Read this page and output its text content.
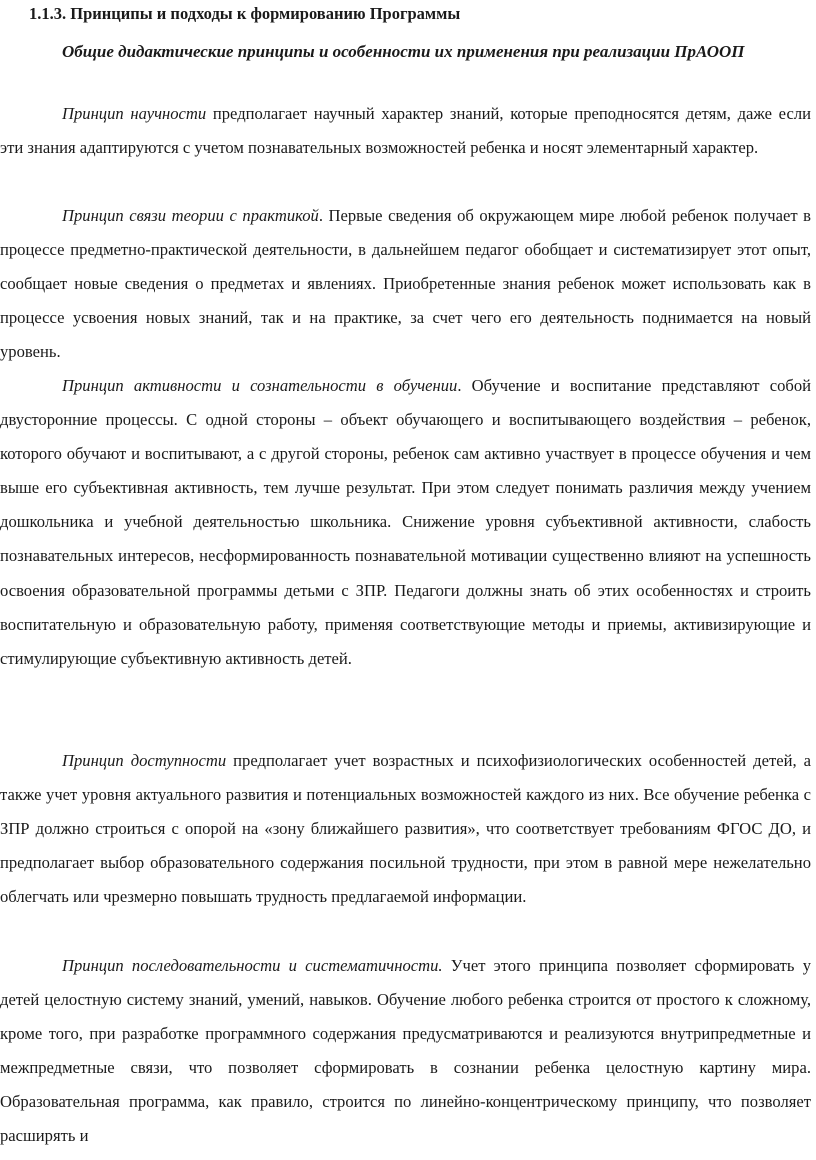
1.1.3. Принципы и подходы к формированию Программы
Общие дидактические принципы и особенности их применения при реализации ПрАООП

Принцип научности предполагает научный характер знаний, которые преподносятся детям, даже если эти знания адаптируются с учетом познавательных возможностей ребенка и носят элементарный характер.

Принцип связи теории с практикой. Первые сведения об окружающем мире любой ребенок получает в процессе предметно-практической деятельности, в дальнейшем педагог обобщает и систематизирует этот опыт, сообщает новые сведения о предметах и явлениях. Приобретенные знания ребенок может использовать как в процессе усвоения новых знаний, так и на практике, за счет чего его деятельность поднимается на новый уровень.

Принцип активности и сознательности в обучении. Обучение и воспитание представляют собой двусторонние процессы. С одной стороны – объект обучающего и воспитывающего воздействия – ребенок, которого обучают и воспитывают, а с другой стороны, ребенок сам активно участвует в процессе обучения и чем выше его субъективная активность, тем лучше результат. При этом следует понимать различия между учением дошкольника и учебной деятельностью школьника. Снижение уровня субъективной активности, слабость познавательных интересов, несформированность познавательной мотивации существенно влияют на успешность освоения образовательной программы детьми с ЗПР. Педагоги должны знать об этих особенностях и строить воспитательную и образовательную работу, применяя соответствующие методы и приемы, активизирующие и стимулирующие субъективную активность детей.

Принцип доступности предполагает учет возрастных и психофизиологических особенностей детей, а также учет уровня актуального развития и потенциальных возможностей каждого из них. Все обучение ребенка с ЗПР должно строиться с опорой на «зону ближайшего развития», что соответствует требованиям ФГОС ДО, и предполагает выбор образовательного содержания посильной трудности, при этом в равной мере нежелательно облегчать или чрезмерно повышать трудность предлагаемой информации.

Принцип последовательности и систематичности. Учет этого принципа позволяет сформировать у детей целостную систему знаний, умений, навыков. Обучение любого ребенка строится от простого к сложному, кроме того, при разработке программного содержания предусматриваются и реализуются внутрипредметные и межпредметные связи, что позволяет сформировать в сознании ребенка целостную картину мира. Образовательная программа, как правило, строится по линейно-концентрическому принципу, что позволяет расширять и
